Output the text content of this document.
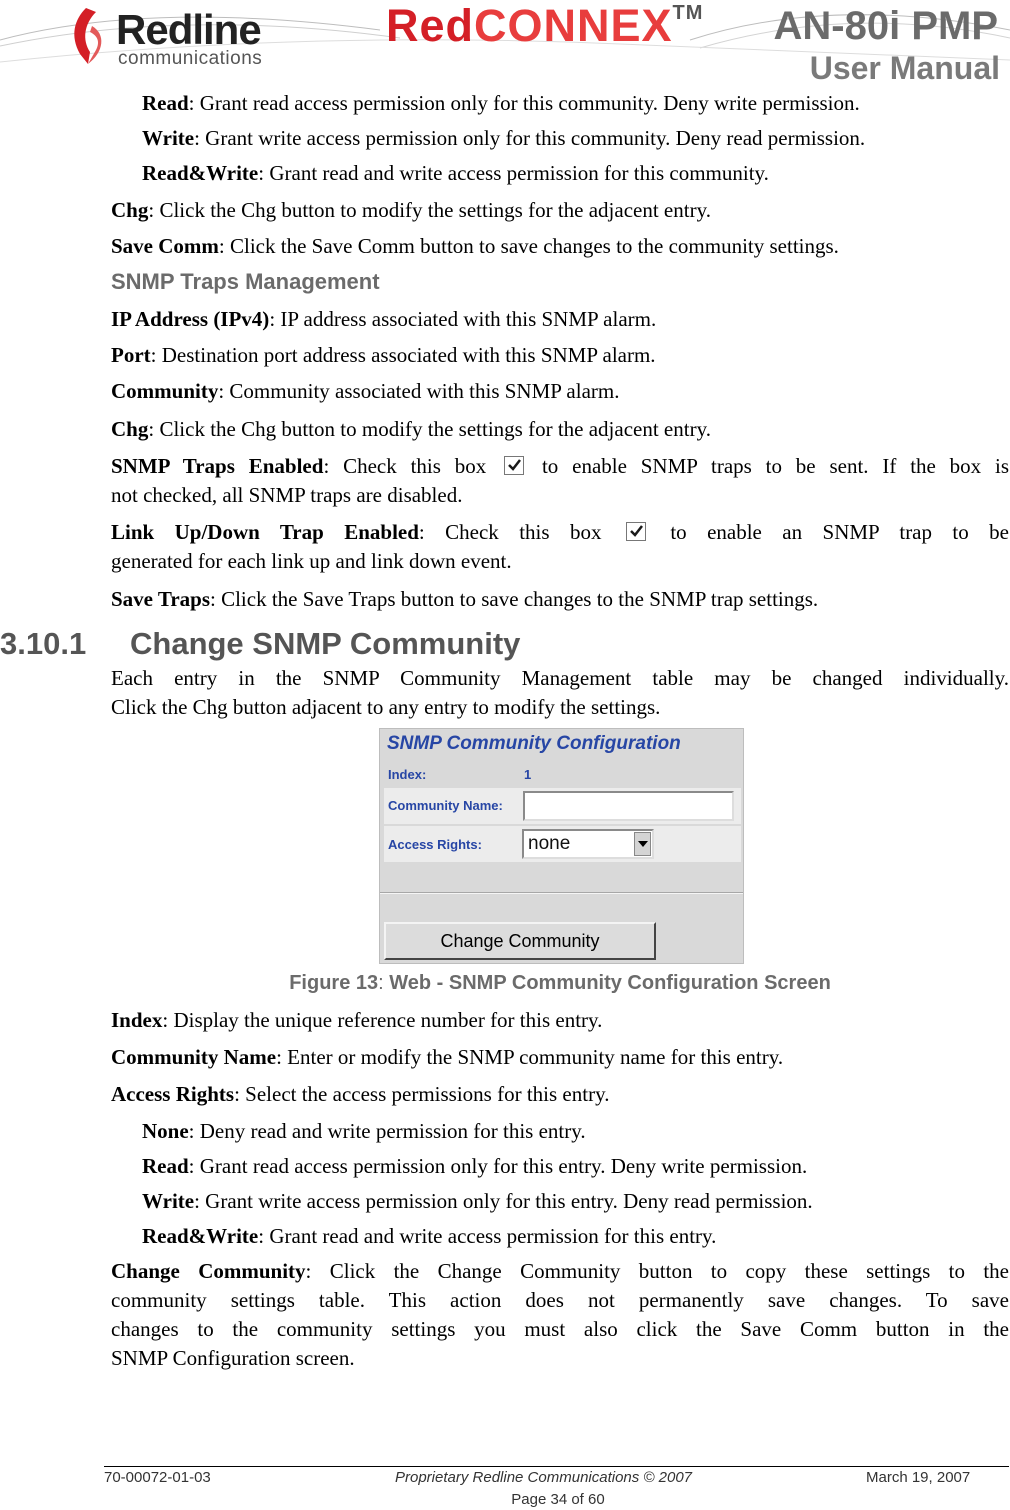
Redline
communications
RedCONNEX™ AN-80i PMP
User Manual
Read: Grant read access permission only for this community. Deny write permission.
Write: Grant write access permission only for this community. Deny read permission.
Read&Write: Grant read and write access permission for this community.
Chg: Click the Chg button to modify the settings for the adjacent entry.
Save Comm: Click the Save Comm button to save changes to the community settings.
SNMP Traps Management
IP Address (IPv4): IP address associated with this SNMP alarm.
Port: Destination port address associated with this SNMP alarm.
Community: Community associated with this SNMP alarm.
Chg: Click the Chg button to modify the settings for the adjacent entry.
SNMP Traps Enabled: Check this box	to enable SNMP traps to be sent. If the box is
not checked, all SNMP traps are disabled.
Link Up/Down Trap Enabled: Check this box	to enable an SNMP trap to be
generated for each link up and link down event.
Save Traps: Click the Save Traps button to save changes to the SNMP trap settings.
3.10.1 Change SNMP Community
Each entry in the SNMP Community Management table may be changed individually.
Click the Chg button adjacent to any entry to modify the settings.
SNMP Community Configuration
Index:	1
Community Name:
Access Rights:	none
Change Community
Figure 13: Web - SNMP Community Configuration Screen
Index: Display the unique reference number for this entry.
Community Name: Enter or modify the SNMP community name for this entry.
Access Rights: Select the access permissions for this entry.
None: Deny read and write permission for this entry.
Read: Grant read access permission only for this entry. Deny write permission.
Write: Grant write access permission only for this entry. Deny read permission.
Read&Write: Grant read and write access permission for this entry.
Change Community: Click the Change Community button to copy these settings to the
community settings table. This action does not permanently save changes. To save
changes to the community settings you must also click the Save Comm button in the
SNMP Configuration screen.
70-00072-01-03	Proprietary Redline Communications © 2007	March 19, 2007
Page 34 of 60
